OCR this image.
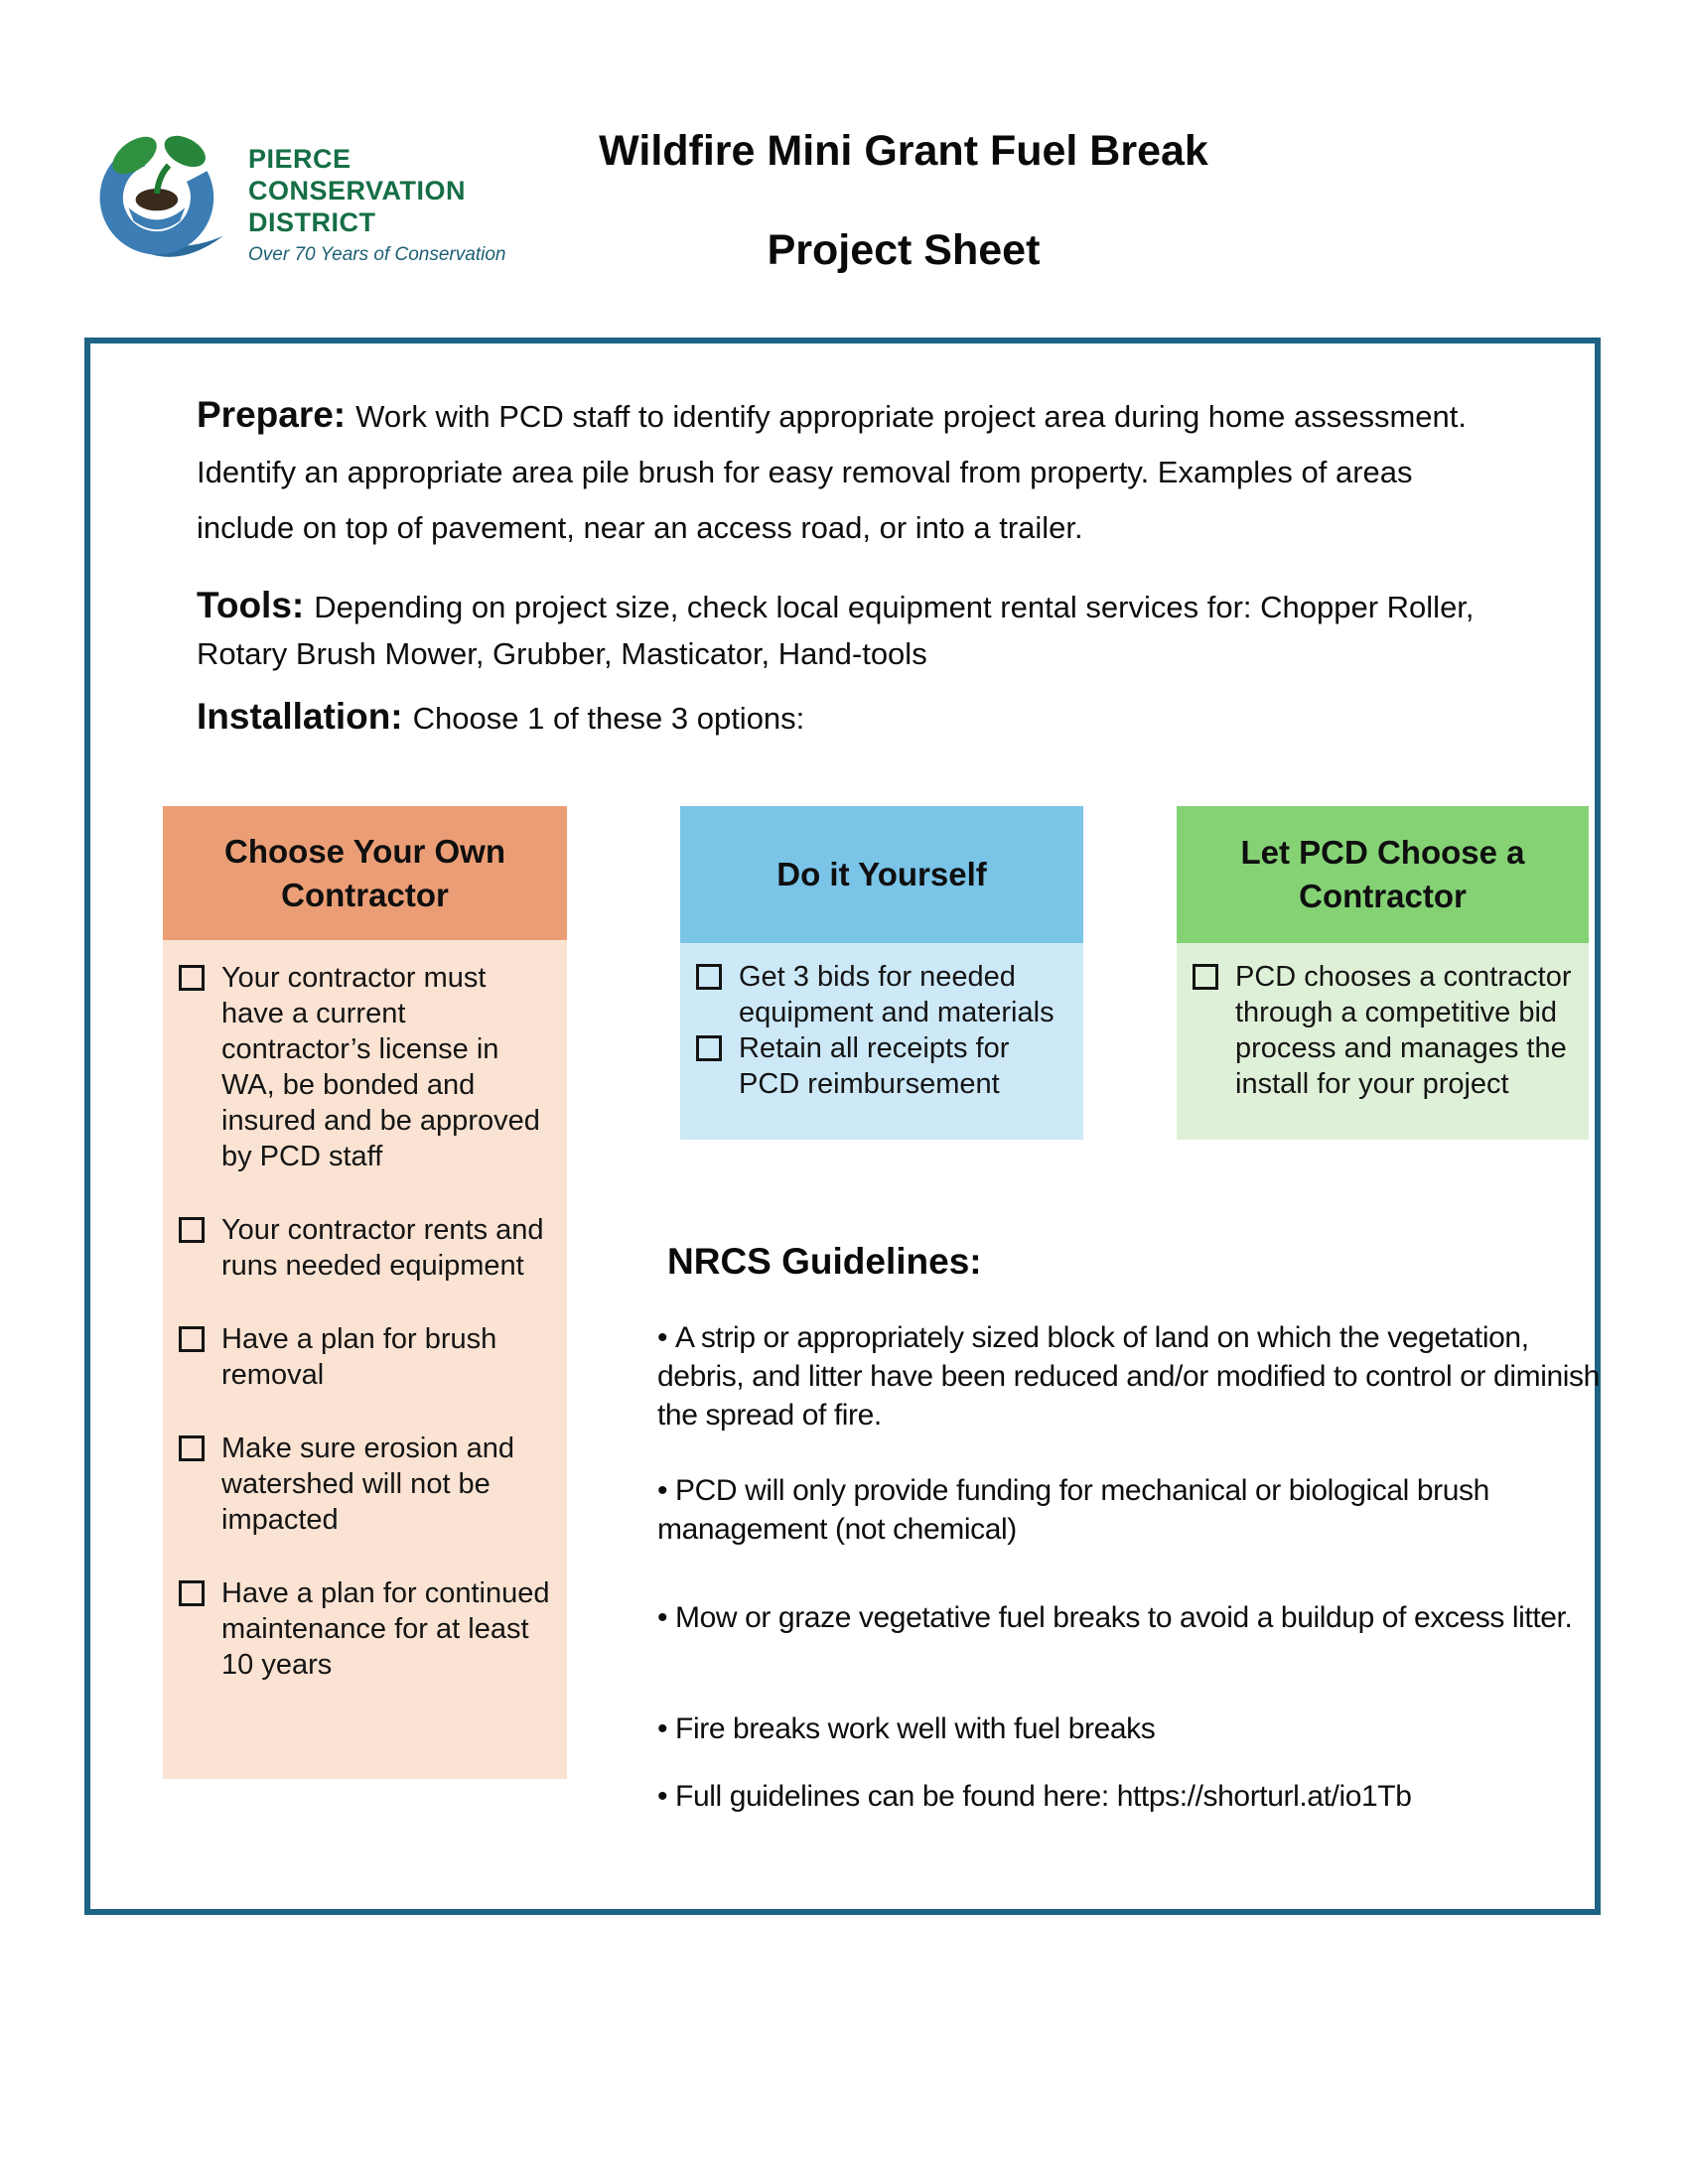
PIERCE
CONSERVATION
DISTRICT
Over 70 Years of Conservation
Wildfire Mini Grant Fuel Break
Project Sheet
Prepare: Work with PCD staff to identify appropriate project area during home assessment. Identify an appropriate area pile brush for easy removal from property. Examples of areas include on top of pavement, near an access road, or into a trailer.
Tools: Depending on project size, check local equipment rental services for: Chopper Roller, Rotary Brush Mower, Grubber, Masticator, Hand-tools
Installation: Choose 1 of these 3 options:
Choose Your Own Contractor
Your contractor must have a current contractor’s license in WA, be bonded and insured and be approved by PCD staff
Your contractor rents and runs needed equipment
Have a plan for brush removal
Make sure erosion and watershed will not be impacted
Have a plan for continued maintenance for at least 10 years
Do it Yourself
Get 3 bids for needed equipment and materials
Retain all receipts for PCD reimbursement
Let PCD Choose a Contractor
PCD chooses a contractor through a competitive bid process and manages the install for your project
NRCS Guidelines:
• A strip or appropriately sized block of land on which the vegetation, debris, and litter have been reduced and/or modified to control or diminish the spread of fire.
• PCD will only provide funding for mechanical or biological brush management (not chemical)
• Mow or graze vegetative fuel breaks to avoid a buildup of excess litter.
• Fire breaks work well with fuel breaks
• Full guidelines can be found here: https://shorturl.at/io1Tb
